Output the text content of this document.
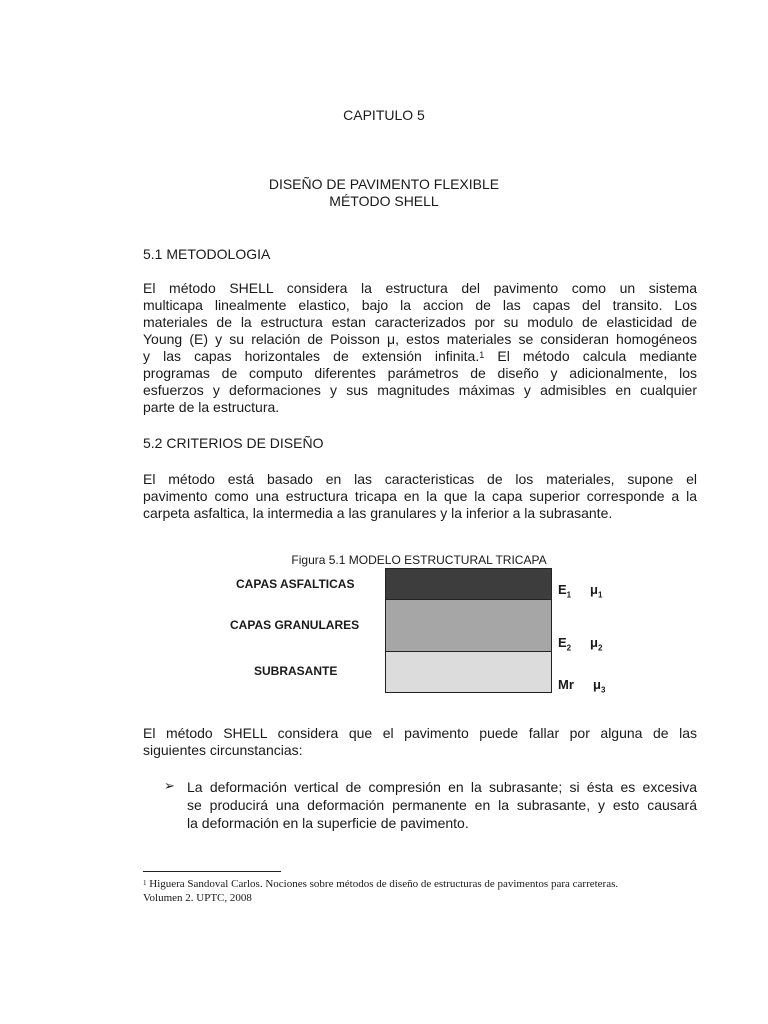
CAPITULO 5
DISEÑO DE PAVIMENTO FLEXIBLE
MÉTODO SHELL
5.1 METODOLOGIA
El método SHELL considera la estructura del pavimento como un sistema
multicapa linealmente elastico, bajo la accion de las capas del transito. Los
materiales de la estructura estan caracterizados por su modulo de elasticidad de
Young (E) y su relación de Poisson μ, estos materiales se consideran homogéneos
y las capas horizontales de extensión infinita.$^1$ El método calcula mediante
programas de computo diferentes parámetros de diseño y adicionalmente, los
esfuerzos y deformaciones y sus magnitudes máximas y admisibles en cualquier
parte de la estructura.
5.2 CRITERIOS DE DISEÑO
El método está basado en las caracteristicas de los materiales, supone el
pavimento como una estructura tricapa en la que la capa superior corresponde a la
carpeta asfaltica, la intermedia a las granulares y la inferior a la subrasante.
Figura 5.1 MODELO ESTRUCTURAL TRICAPA
CAPAS ASFALTICAS
CAPAS GRANULARES
SUBRASANTE
$E_1$ $\mu_1$
$E_2$ $\mu_2$
Mr $\mu_3$
El método SHELL considera que el pavimento puede fallar por alguna de las
siguientes circunstancias:
➢ La deformación vertical de compresión en la subrasante; si ésta es excesiva
se producirá una deformación permanente en la subrasante, y esto causará
la deformación en la superficie de pavimento.
$^1$ Higuera Sandoval Carlos. Nociones sobre métodos de diseño de estructuras de pavimentos para carreteras.
Volumen 2. UPTC, 2008
